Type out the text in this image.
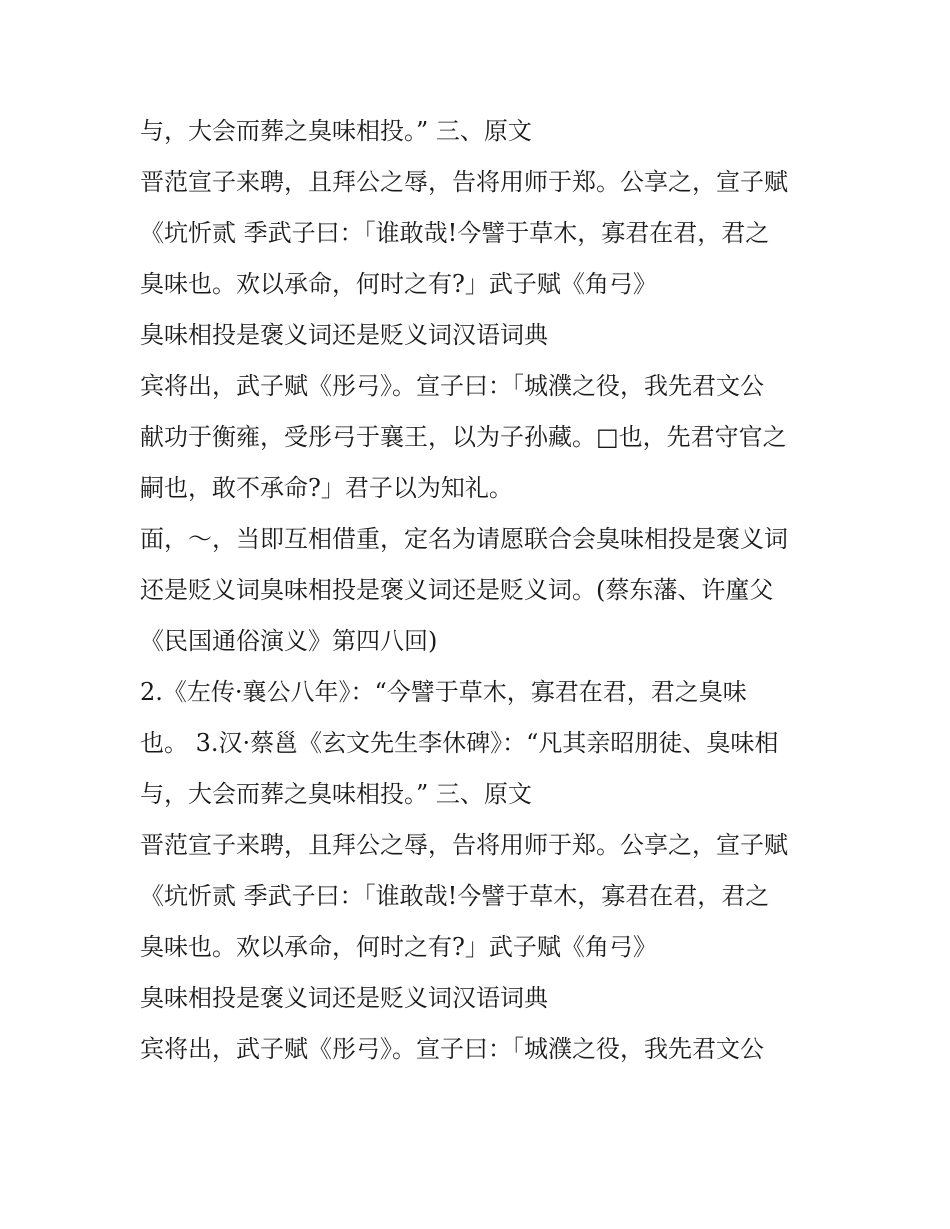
与，大会而葬之臭味相投。” 三、原文
晋范宣子来聘，且拜公之辱，告将用师于郑。公享之，宣子赋
《坑忻贰 季武子曰：「谁敢哉!今譬于草木，寡君在君，君之
臭味也。欢以承命，何时之有?」武子赋《角弓》
臭味相投是褒义词还是贬义词汉语词典
宾将出，武子赋《彤弓》。宣子曰：「城濮之役，我先君文公
献功于衡雍，受彤弓于襄王，以为子孙藏。□也，先君守官之
嗣也，敢不承命?」君子以为知礼。
面，～，当即互相借重，定名为请愿联合会臭味相投是褒义词
还是贬义词臭味相投是褒义词还是贬义词。(蔡东藩、许廑父
《民国通俗演义》第四八回)
2.《左传·襄公八年》：“今譬于草木，寡君在君，君之臭味
也。 3.汉·蔡邕《玄文先生李休碑》：“凡其亲昭朋徒、臭味相
与，大会而葬之臭味相投。” 三、原文
晋范宣子来聘，且拜公之辱，告将用师于郑。公享之，宣子赋
《坑忻贰 季武子曰：「谁敢哉!今譬于草木，寡君在君，君之
臭味也。欢以承命，何时之有?」武子赋《角弓》
臭味相投是褒义词还是贬义词汉语词典
宾将出，武子赋《彤弓》。宣子曰：「城濮之役，我先君文公
